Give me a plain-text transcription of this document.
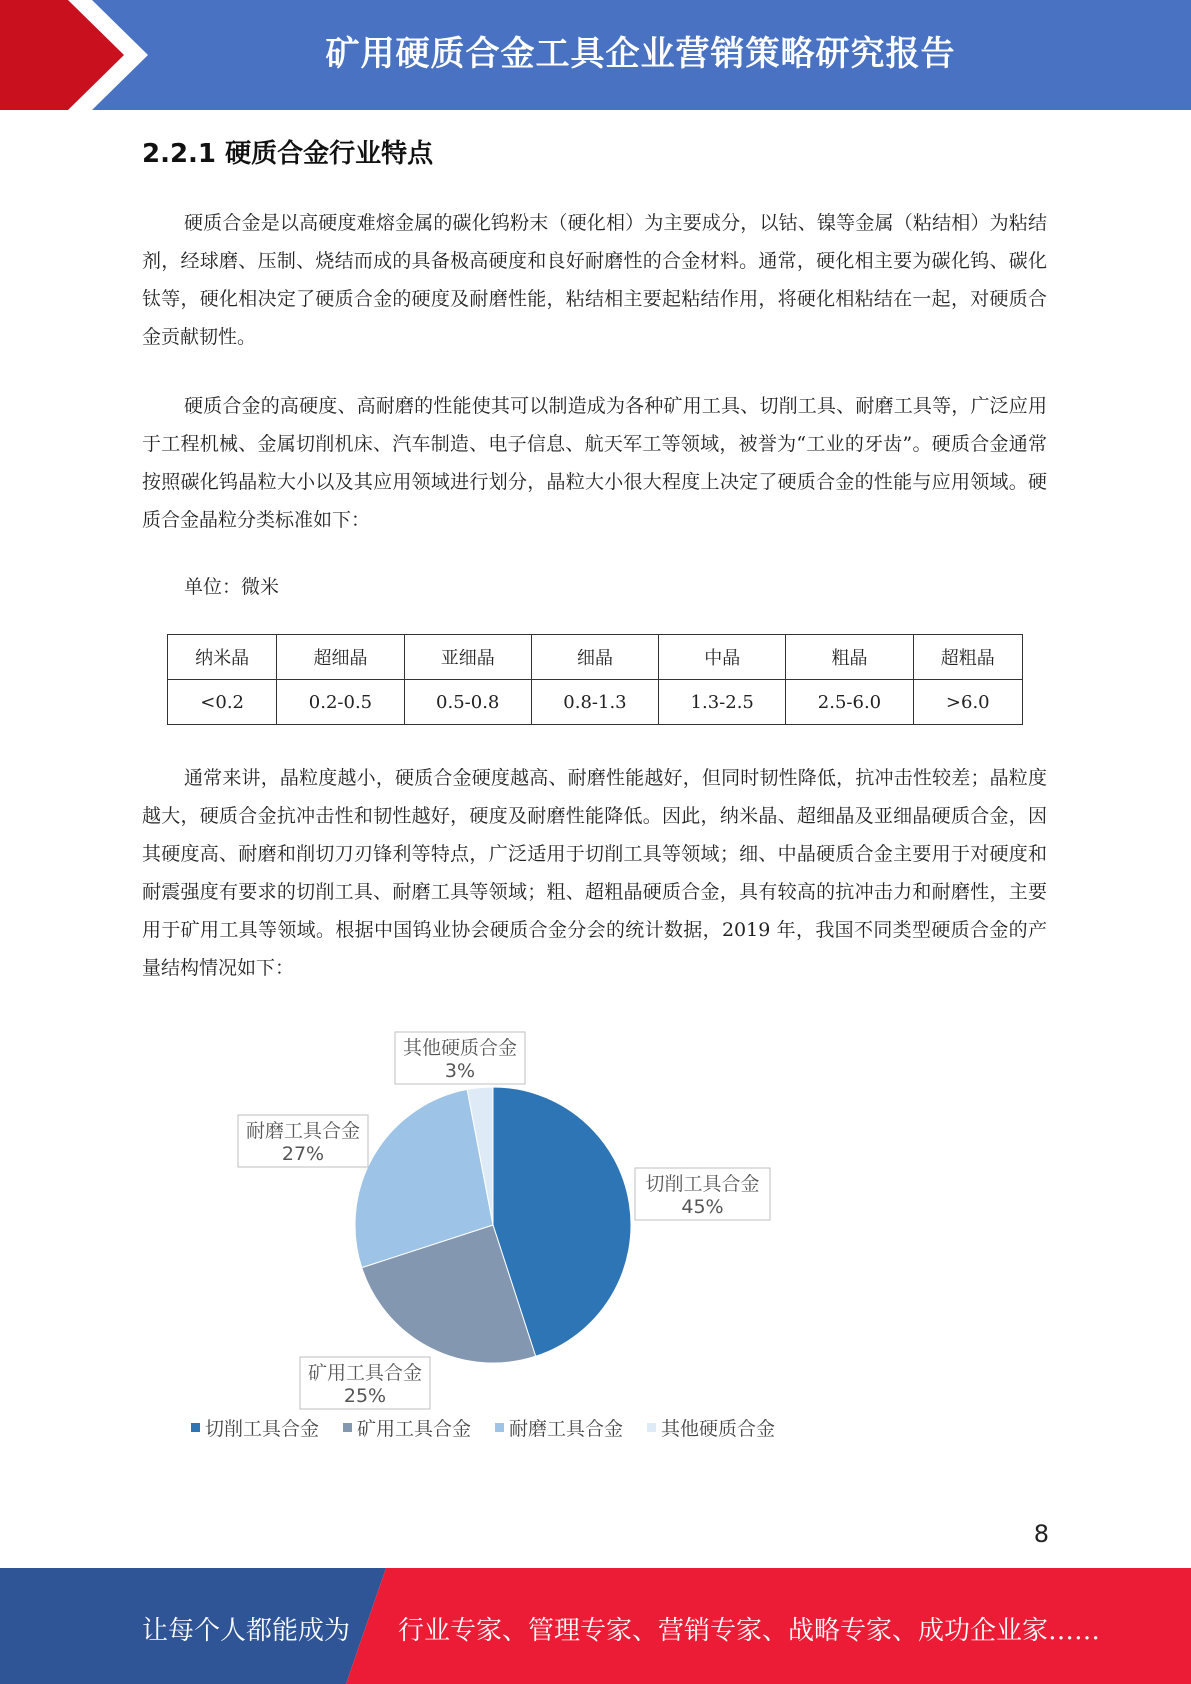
矿用硬质合金工具企业营销策略研究报告
2.2.1 硬质合金行业特点
硬质合金是以高硬度难熔金属的碳化钨粉末（硬化相）为主要成分，以钴、镍等金属（粘结相）为粘结剂，经球磨、压制、烧结而成的具备极高硬度和良好耐磨性的合金材料。通常，硬化相主要为碳化钨、碳化钛等，硬化相决定了硬质合金的硬度及耐磨性能，粘结相主要起粘结作用，将硬化相粘结在一起，对硬质合金贡献韧性。
硬质合金的高硬度、高耐磨的性能使其可以制造成为各种矿用工具、切削工具、耐磨工具等，广泛应用于工程机械、金属切削机床、汽车制造、电子信息、航天军工等领域，被誉为“工业的牙齿”。硬质合金通常按照碳化钨晶粒大小以及其应用领域进行划分，晶粒大小很大程度上决定了硬质合金的性能与应用领域。硬质合金晶粒分类标准如下：
单位：微米
纳米晶	超细晶	亚细晶	细晶	中晶	粗晶	超粗晶
<0.2	0.2-0.5	0.5-0.8	0.8-1.3	1.3-2.5	2.5-6.0	>6.0
通常来讲，晶粒度越小，硬质合金硬度越高、耐磨性能越好，但同时韧性降低，抗冲击性较差；晶粒度越大，硬质合金抗冲击性和韧性越好，硬度及耐磨性能降低。因此，纳米晶、超细晶及亚细晶硬质合金，因其硬度高、耐磨和削切刀刃锋利等特点，广泛适用于切削工具等领域；细、中晶硬质合金主要用于对硬度和耐震强度有要求的切削工具、耐磨工具等领域；粗、超粗晶硬质合金，具有较高的抗冲击力和耐磨性，主要用于矿用工具等领域。根据中国钨业协会硬质合金分会的统计数据，2019 年，我国不同类型硬质合金的产量结构情况如下：
切削工具合金
45%
矿用工具合金
25%
耐磨工具合金
27%
其他硬质合金
3%
切削工具合金 矿用工具合金 耐磨工具合金 其他硬质合金
8
让每个人都能成为 行业专家、管理专家、营销专家、战略专家、成功企业家……
